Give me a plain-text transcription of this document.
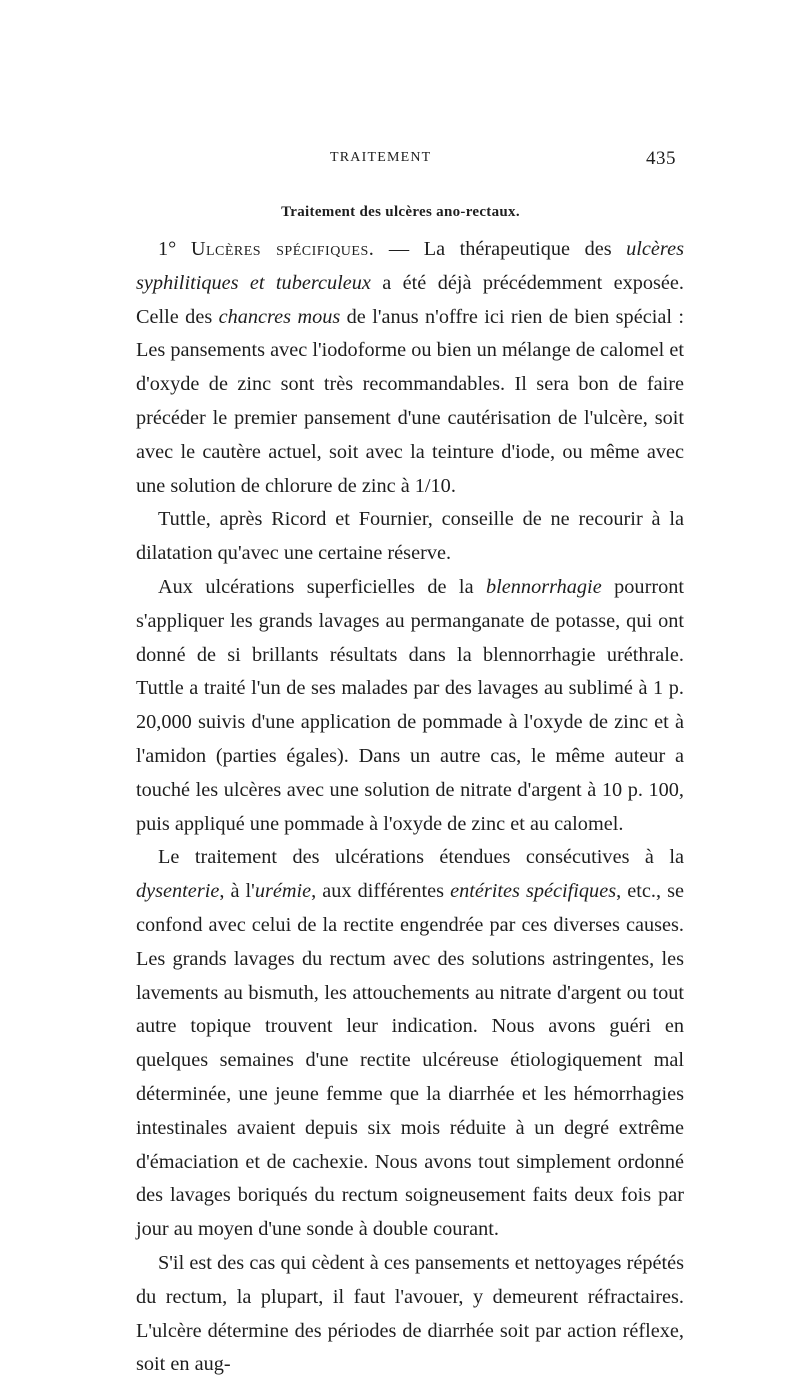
TRAITEMENT	435
Traitement des ulcères ano-rectaux.

1° Ulcères spécifiques. — La thérapeutique des ulcères syphilitiques et tuberculeux a été déjà précédemment exposée. Celle des chancres mous de l'anus n'offre ici rien de bien spécial : Les pansements avec l'iodoforme ou bien un mélange de calomel et d'oxyde de zinc sont très recommandables. Il sera bon de faire précéder le premier pansement d'une cautérisation de l'ulcère, soit avec le cautère actuel, soit avec la teinture d'iode, ou même avec une solution de chlorure de zinc à 1/10.

Tuttle, après Ricord et Fournier, conseille de ne recourir à la dilatation qu'avec une certaine réserve.

Aux ulcérations superficielles de la blennorrhagie pourront s'appliquer les grands lavages au permanganate de potasse, qui ont donné de si brillants résultats dans la blennorrhagie uréthrale. Tuttle a traité l'un de ses malades par des lavages au sublimé à 1 p. 20,000 suivis d'une application de pommade à l'oxyde de zinc et à l'amidon (parties égales). Dans un autre cas, le même auteur a touché les ulcères avec une solution de nitrate d'argent à 10 p. 100, puis appliqué une pommade à l'oxyde de zinc et au calomel.

Le traitement des ulcérations étendues consécutives à la dysenterie, à l'urémie, aux différentes entérites spécifiques, etc., se confond avec celui de la rectite engendrée par ces diverses causes. Les grands lavages du rectum avec des solutions astringentes, les lavements au bismuth, les attouchements au nitrate d'argent ou tout autre topique trouvent leur indication. Nous avons guéri en quelques semaines d'une rectite ulcéreuse étiologiquement mal déterminée, une jeune femme que la diarrhée et les hémorrhagies intestinales avaient depuis six mois réduite à un degré extrême d'émaciation et de cachexie. Nous avons tout simplement ordonné des lavages boriqués du rectum soigneusement faits deux fois par jour au moyen d'une sonde à double courant.

S'il est des cas qui cèdent à ces pansements et nettoyages répétés du rectum, la plupart, il faut l'avouer, y demeurent réfractaires. L'ulcère détermine des périodes de diarrhée soit par action réflexe, soit en aug-
